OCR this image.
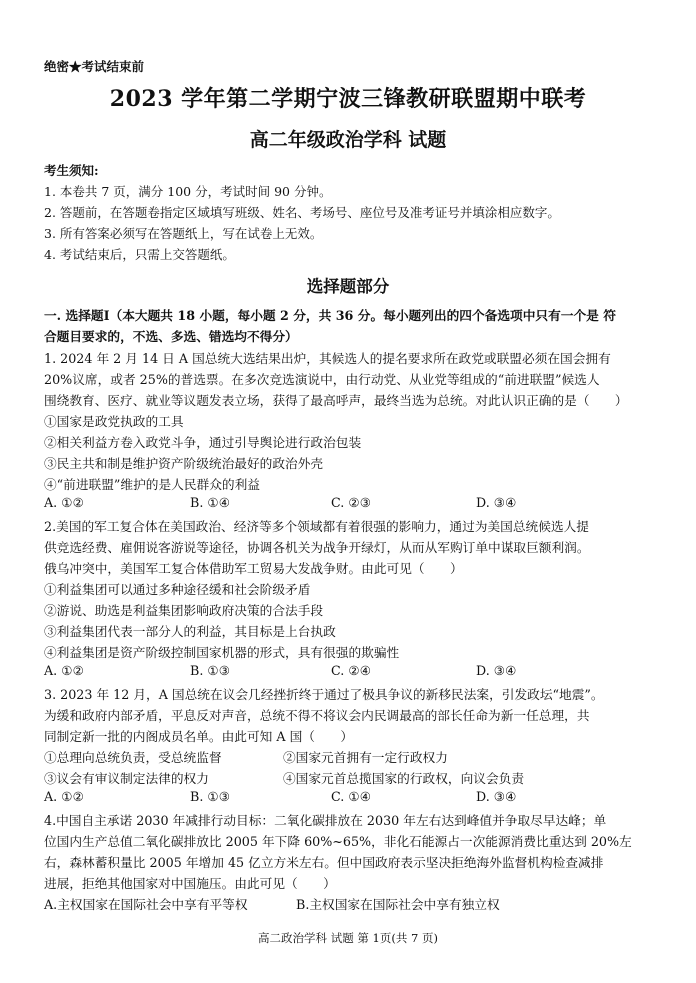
绝密★考试结束前
2023 学年第二学期宁波三锋教研联盟期中联考
高二年级政治学科 试题
考生须知:
1. 本卷共 7 页，满分 100 分，考试时间 90 分钟。
2. 答题前，在答题卷指定区域填写班级、姓名、考场号、座位号及准考证号并填涂相应数字。
3. 所有答案必须写在答题纸上，写在试卷上无效。
4. 考试结束后，只需上交答题纸。
选择题部分
一. 选择题Ⅰ（本大题共 18 小题，每小题 2 分，共 36 分。每小题列出的四个备选项中只有一个是 符
合题目要求的，不选、多选、错选均不得分）
1. 2024 年 2 月 14 日 A 国总统大选结果出炉，其候选人的提名要求所在政党或联盟必须在国会拥有
20%议席，或者 25%的普选票。在多次竞选演说中，由行动党、从业党等组成的“前进联盟”候选人
围绕教育、医疗、就业等议题发表立场，获得了最高呼声，最终当选为总统。对此认识正确的是（　　）
①国家是政党执政的工具
②相关利益方卷入政党斗争，通过引导舆论进行政治包装
③民主共和制是维护资产阶级统治最好的政治外壳
④“前进联盟”维护的是人民群众的利益
A. ①②	B. ①④	C. ②③	D. ③④
2.美国的军工复合体在美国政治、经济等多个领域都有着很强的影响力，通过为美国总统候选人提
供竞选经费、雇佣说客游说等途径，协调各机关为战争开绿灯，从而从军购订单中谋取巨额利润。
俄乌冲突中，美国军工复合体借助军工贸易大发战争财。由此可见（　　）
①利益集团可以通过多种途径缓和社会阶级矛盾
②游说、助选是利益集团影响政府决策的合法手段
③利益集团代表一部分人的利益，其目标是上台执政
④利益集团是资产阶级控制国家机器的形式，具有很强的欺骗性
A. ①②	B. ①③	C. ②④	D. ③④
3. 2023 年 12 月，A 国总统在议会几经挫折终于通过了极具争议的新移民法案，引发政坛“地震”。
为缓和政府内部矛盾，平息反对声音，总统不得不将议会内民调最高的部长任命为新一任总理，共
同制定新一批的内阁成员名单。由此可知 A 国（　　）
①总理向总统负责，受总统监督	②国家元首拥有一定行政权力
③议会有审议制定法律的权力	④国家元首总揽国家的行政权，向议会负责
A. ①②	B. ①③	C. ①④	D. ③④
4.中国自主承诺 2030 年减排行动目标：二氧化碳排放在 2030 年左右达到峰值并争取尽早达峰；单
位国内生产总值二氧化碳排放比 2005 年下降 60%~65%，非化石能源占一次能源消费比重达到 20%左
右，森林蓄积量比 2005 年增加 45 亿立方米左右。但中国政府表示坚决拒绝海外监督机构检查减排
进展，拒绝其他国家对中国施压。由此可见（　　）
A.主权国家在国际社会中享有平等权	B.主权国家在国际社会中享有独立权
高二政治学科 试题 第 1页(共 7 页)
